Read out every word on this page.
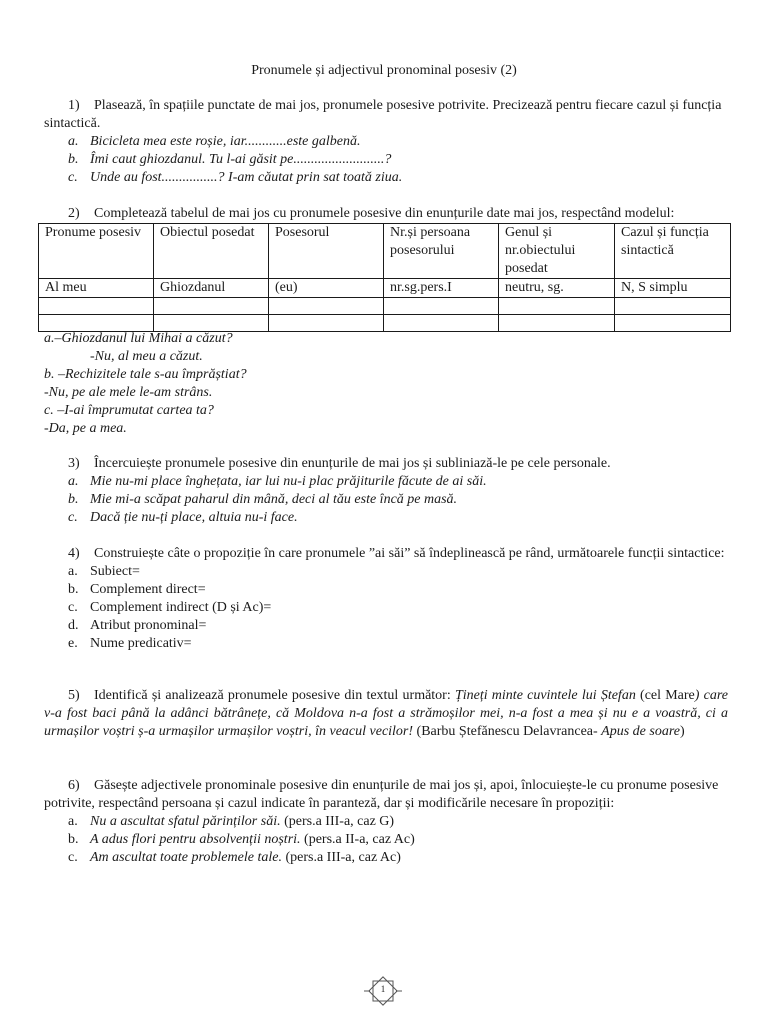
Pronumele și adjectivul pronominal posesiv (2)

1) Plasează, în spațiile punctate de mai jos, pronumele posesive potrivite. Precizează pentru fiecare cazul și funcția sintactică.

a. Bicicleta mea este roșie, iar............este galbenă.
b. Îmi caut ghiozdanul. Tu l-ai găsit pe..........................?
c. Unde au fost................? I-am căutat prin sat toată ziua.

2) Completează tabelul de mai jos cu pronumele posesive din enunțurile date mai jos, respectând modelul:

Pronume posesiv	Obiectul posedat	Posesorul	Nr.și persoana posesorului	Genul și nr.obiectului posedat	Cazul și funcția sintactică
Al meu	Ghiozdanul	(eu)	nr.sg.pers.I	neutru, sg.	N, S simplu

a.–Ghiozdanul lui Mihai a căzut?
-Nu, al meu a căzut.
b. –Rechizitele tale s-au împrăștiat?
-Nu, pe ale mele le-am strâns.
c. –I-ai împrumutat cartea ta?
-Da, pe a mea.

3) Încercuiește pronumele posesive din enunțurile de mai jos și subliniază-le pe cele personale.

a. Mie nu-mi place înghețata, iar lui nu-i plac prăjiturile făcute de ai săi.
b. Mie mi-a scăpat paharul din mână, deci al tău este încă pe masă.
c. Dacă ție nu-ți place, altuia nu-i face.

4) Construiește câte o propoziție în care pronumele ”ai săi” să îndeplinească pe rând, următoarele funcții sintactice:

a. Subiect=
b. Complement direct=
c. Complement indirect (D și Ac)=
d. Atribut pronominal=
e. Nume predicativ=

5) Identifică și analizează pronumele posesive din textul următor: Țineți minte cuvintele lui Ștefan (cel Mare) care v-a fost baci până la adânci bătrânețe, că Moldova n-a fost a strămoșilor mei, n-a fost a mea și nu e a voastră, ci a urmașilor voștri ș-a urmașilor urmașilor voștri, în veacul vecilor! (Barbu Ștefănescu Delavrancea- Apus de soare)

6) Găsește adjectivele pronominale posesive din enunțurile de mai jos și, apoi, înlocuiește-le cu pronume posesive potrivite, respectând persoana și cazul indicate în paranteză, dar și modificările necesare în propoziții:

a. Nu a ascultat sfatul părinților săi. (pers.a III-a, caz G)
b. A adus flori pentru absolvenții noștri. (pers.a II-a, caz Ac)
c. Am ascultat toate problemele tale. (pers.a III-a, caz Ac)
1
